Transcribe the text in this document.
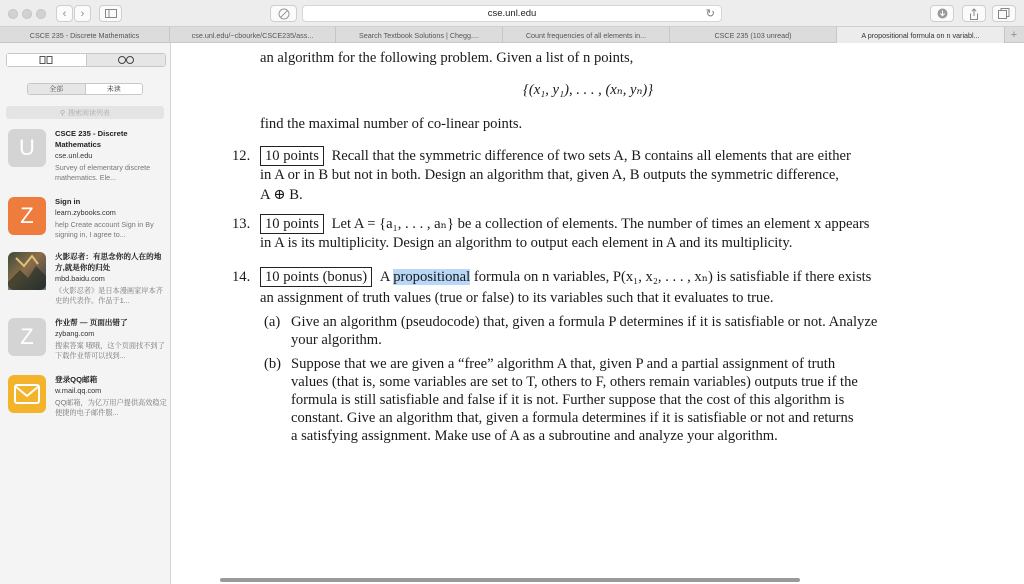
‹ ›	cse.unl.edu	↻
CSCE 235 - Discrete Mathematics	cse.unl.edu/~cbourke/CSCE235/ass...	Search Textbook Solutions | Chegg....	Count frequencies of all elements in...	CSCE 235 (103 unread)	A propositional formula on n variabl...	+
全部	未读
⚲ 搜索阅读列表
U
CSCE 235 - Discrete Mathematics
cse.unl.edu
Survey of elementary discrete mathematics. Ele...
Z
Sign in
learn.zybooks.com
help Create account Sign in By signing in, I agree to...
火影忍者：有思念你的人在的地方,就是你的归处
mbd.baidu.com
《火影忍者》是日本漫画家岸本齐史的代表作。作品于1...
Z
作业帮 — 页面出错了
zybang.com
搜索答案 哦哦，这个页面找不到了 下载作业帮可以找到...
登录QQ邮箱
w.mail.qq.com
QQ邮箱，为亿万用户提供高效稳定便捷的电子邮件服...
an algorithm for the following problem. Given a list of n points,
{(x₁, y₁), . . . , (xₙ, yₙ)}
find the maximal number of co-linear points.
12.	10 points Recall that the symmetric difference of two sets A, B contains all elements that are either
in A or in B but not in both. Design an algorithm that, given A, B outputs the symmetric difference,
A ⊕ B.
13.	10 points Let A = {a₁, . . . , aₙ} be a collection of elements. The number of times an element x appears
in A is its multiplicity. Design an algorithm to output each element in A and its multiplicity.
14.	10 points (bonus) A propositional formula on n variables, P(x₁, x₂, . . . , xₙ) is satisfiable if there exists
an assignment of truth values (true or false) to its variables such that it evaluates to true.
(a) Give an algorithm (pseudocode) that, given a formula P determines if it is satisfiable or not. Analyze
your algorithm.
(b) Suppose that we are given a “free” algorithm A that, given P and a partial assignment of truth
values (that is, some variables are set to T, others to F, others remain variables) outputs true if the
formula is still satisfiable and false if it is not. Further suppose that the cost of this algorithm is
constant. Give an algorithm that, given a formula determines if it is satisfiable or not and returns
a satisfying assignment. Make use of A as a subroutine and analyze your algorithm.
